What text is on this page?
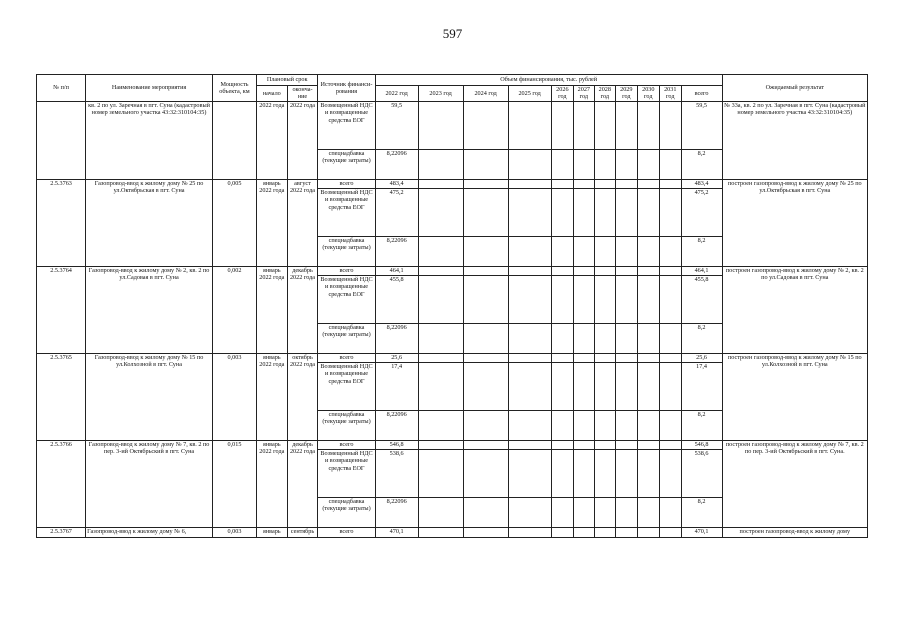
597
№ п/п	Наименование мероприятия	Мощность объекта, км	Плановый срок		Источник финанси-рования	Объем финансирования, тыс. рублей											Ожидаемый результат
			начало	оконча-ние		2022 год	2023 год	2024 год	2025 год	2026 год	2027 год	2028 год	2029 год	2030 год	2031 год	всего	
	кв. 2 по ул. Заречная в пгт. Суна (кадастровый номер земельного участка 43:32:310104:35)		2022 года	2022 года	Возмещенный НДС и возвращенные средства ЕОГ	59,5										59,5	№ 33а, кв. 2 по ул. Заречная в пгт. Суна (кадастровый номер земельного участка 43:32:310104:35)
					спецнадбавка (текущие затраты)	8,22096										8,2	
2.5.3763	Газопровод-ввод к жилому дому № 25 по ул.Октябрьская в пгт. Суна	0,005	январь 2022 года	август 2022 года	всего	483,4										483,4	построен газопровод-ввод к жилому дому № 25 по ул.Октябрьская в пгт. Суна
					Возмещенный НДС и возвращенные средства ЕОГ	475,2										475,2	
					спецнадбавка (текущие затраты)	8,22096										8,2	
2.5.3764	Газопровод-ввод к жилому дому № 2, кв. 2 по ул.Садовая в пгт. Суна	0,002	январь 2022 года	декабрь 2022 года	всего	464,1										464,1	построен газопровод-ввод к жилому дому № 2, кв. 2 по ул.Садовая в пгт. Суна
					Возмещенный НДС и возвращенные средства ЕОГ	455,8										455,8	
					спецнадбавка (текущие затраты)	8,22096										8,2	
2.5.3765	Газопровод-ввод к жилому дому № 15 по ул.Колхозной в пгт. Суна	0,003	январь 2022 года	октябрь 2022 года	всего	25,6										25,6	построен газопровод-ввод к жилому дому № 15 по ул.Колхозной в пгт. Суна
					Возмещенный НДС и возвращенные средства ЕОГ	17,4										17,4	
					спецнадбавка (текущие затраты)	8,22096										8,2	
2.5.3766	Газопровод-ввод к жилому дому № 7, кв. 2 по пер. 3-ий Октябрьский в пгт. Суна	0,015	январь 2022 года	декабрь 2022 года	всего	546,8										546,8	построен газопровод-ввод к жилому дому № 7, кв. 2 по пер. 3-ий Октябрьский в пгт. Суна.
					Возмещенный НДС и возвращенные средства ЕОГ	538,6										538,6	
					спецнадбавка (текущие затраты)	8,22096										8,2	
2.5.3767	Газопровод-ввод к жилому дому № 6,	0,003	январь	сентябрь	всего	470,1										470,1	построен газопровод-ввод к жилому дому
